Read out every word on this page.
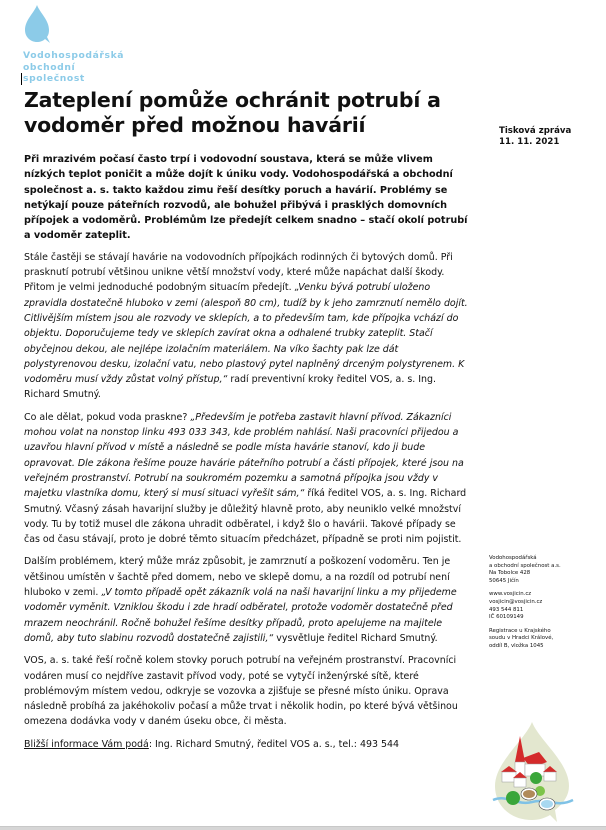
Vodohospodářská
obchodní
společnost
Zateplení pomůže ochránit potrubí a vodoměr před možnou havárií	Tisková zpráva
11. 11. 2021

Při mrazivém počasí často trpí i vodovodní soustava, která se může vlivem nízkých teplot poničit a může dojít k úniku vody. Vodohospodářská a obchodní společnost a. s. takto každou zimu řeší desítky poruch a havárií. Problémy se netýkají pouze páteřních rozvodů, ale bohužel přibývá i prasklých domovních přípojek a vodoměrů. Problémům lze předejít celkem snadno – stačí okolí potrubí a vodoměr zateplit.

Stále častěji se stávají havárie na vodovodních přípojkách rodinných či bytových domů. Při prasknutí potrubí většinou unikne větší množství vody, které může napáchat další škody. Přitom je velmi jednoduché podobným situacím předejít. „Venku bývá potrubí uloženo zpravidla dostatečně hluboko v zemi (alespoň 80 cm), tudíž by k jeho zamrznutí nemělo dojít. Citlivějším místem jsou ale rozvody ve sklepích, a to především tam, kde přípojka vchází do objektu. Doporučujeme tedy ve sklepích zavírat okna a odhalené trubky zateplit. Stačí obyčejnou dekou, ale nejlépe izolačním materiálem. Na víko šachty pak lze dát polystyrenovou desku, izolační vatu, nebo plastový pytel naplněný drceným polystyrenem. K vodoměru musí vždy zůstat volný přístup,“ radí preventivní kroky ředitel VOS, a. s. Ing. Richard Smutný.

Co ale dělat, pokud voda praskne? „Především je potřeba zastavit hlavní přívod. Zákazníci mohou volat na nonstop linku 493 033 343, kde problém nahlásí. Naši pracovníci přijedou a uzavřou hlavní přívod v místě a následně se podle místa havárie stanoví, kdo ji bude opravovat. Dle zákona řešíme pouze havárie páteřního potrubí a části přípojek, které jsou na veřejném prostranství. Potrubí na soukromém pozemku a samotná přípojka jsou vždy v majetku vlastníka domu, který si musí situaci vyřešit sám,“ říká ředitel VOS, a. s. Ing. Richard Smutný. Včasný zásah havarijní služby je důležitý hlavně proto, aby neuniklo velké množství vody. Tu by totiž musel dle zákona uhradit odběratel, i když šlo o havárii. Takové případy se čas od času stávají, proto je dobré těmto situacím předcházet, případně se proti nim pojistit.

Dalším problémem, který může mráz způsobit, je zamrznutí a poškození vodoměru. Ten je většinou umístěn v šachtě před domem, nebo ve sklepě domu, a na rozdíl od potrubí není hluboko v zemi. „V tomto případě opět zákazník volá na naši havarijní linku a my přijedeme vodoměr vyměnit. Vzniklou škodu i zde hradí odběratel, protože vodoměr dostatečně před mrazem neochránil. Ročně bohužel řešíme desítky případů, proto apelujeme na majitele domů, aby tuto slabinu rozvodů dostatečně zajistili,“ vysvětluje ředitel Richard Smutný.

VOS, a. s. také řeší ročně kolem stovky poruch potrubí na veřejném prostranství. Pracovníci vodáren musí co nejdříve zastavit přívod vody, poté se vytyčí inženýrské sítě, které problémovým místem vedou, odkryje se vozovka a zjišťuje se přesné místo úniku. Oprava následně probíhá za jakéhokoliv počasí a může trvat i několik hodin, po které bývá většinou omezena dodávka vody v daném úseku obce, či města.

Bližší informace Vám podá: Ing. Richard Smutný, ředitel VOS a. s., tel.: 493 544

Vodohospodářská
a obchodní společnost a.s.
Na Tobolce 428
50645 Jičín

www.vosjicin.cz
vosjicin@vosjicin.cz
493 544 811
IČ 60109149

Registrace u Krajského
soudu v Hradci Králové,
oddíl B, vložka 1045
